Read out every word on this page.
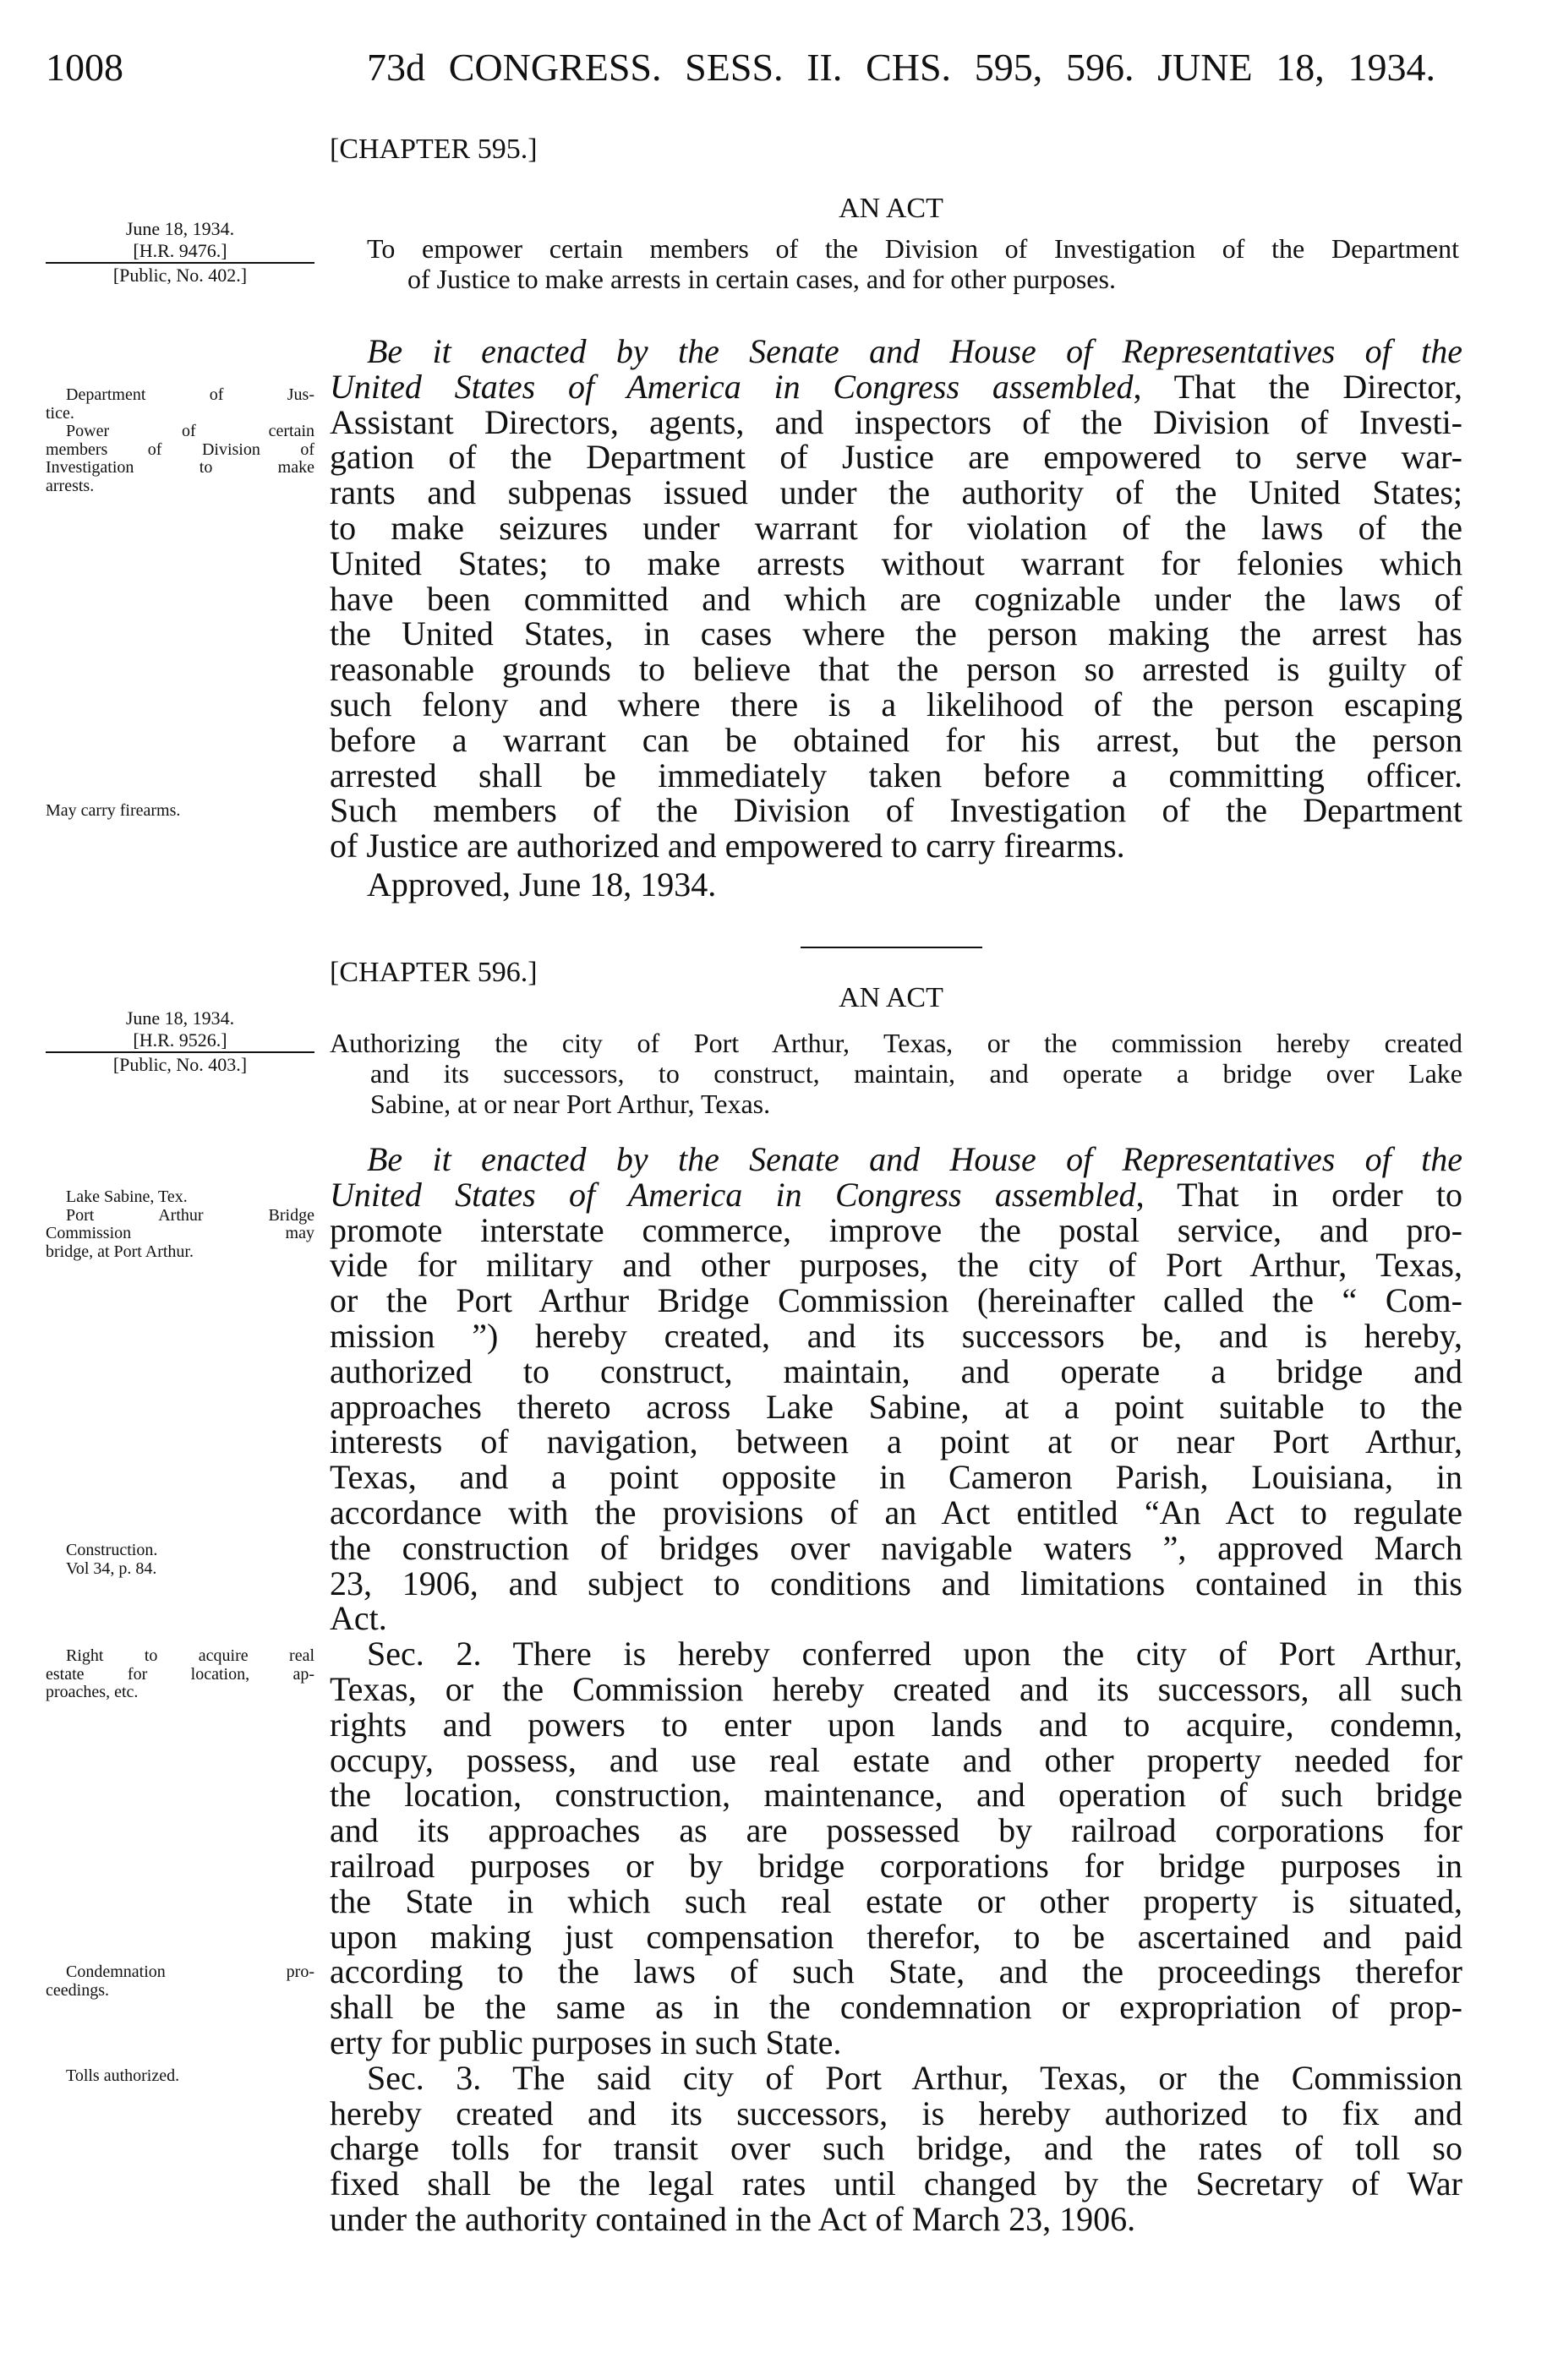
1008	73d CONGRESS. SESS. II. CHS. 595, 596. JUNE 18, 1934.
[CHAPTER 595.]
AN ACT
June 18, 1934.
[H.R. 9476.]
[Public, No. 402.]
To empower certain members of the Division of Investigation of the Department
of Justice to make arrests in certain cases, and for other purposes.
Be it enacted by the Senate and House of Representatives of the
United States of America in Congress assembled, That the Director,
Assistant Directors, agents, and inspectors of the Division of Investi-
gation of the Department of Justice are empowered to serve war-
rants and subpenas issued under the authority of the United States;
to make seizures under warrant for violation of the laws of the
United States; to make arrests without warrant for felonies which
have been committed and which are cognizable under the laws of
the United States, in cases where the person making the arrest has
reasonable grounds to believe that the person so arrested is guilty of
such felony and where there is a likelihood of the person escaping
before a warrant can be obtained for his arrest, but the person
arrested shall be immediately taken before a committing officer.
Such members of the Division of Investigation of the Department
of Justice are authorized and empowered to carry firearms.
Approved, June 18, 1934.
[CHAPTER 596.]
AN ACT
June 18, 1934.
[H.R. 9526.]
[Public, No. 403.]
Authorizing the city of Port Arthur, Texas, or the commission hereby created
and its successors, to construct, maintain, and operate a bridge over Lake
Sabine, at or near Port Arthur, Texas.
Be it enacted by the Senate and House of Representatives of the
United States of America in Congress assembled, That in order to
promote interstate commerce, improve the postal service, and pro-
vide for military and other purposes, the city of Port Arthur, Texas,
or the Port Arthur Bridge Commission (hereinafter called the “ Com-
mission ”) hereby created, and its successors be, and is hereby,
authorized to construct, maintain, and operate a bridge and
approaches thereto across Lake Sabine, at a point suitable to the
interests of navigation, between a point at or near Port Arthur,
Texas, and a point opposite in Cameron Parish, Louisiana, in
accordance with the provisions of an Act entitled “An Act to regulate
the construction of bridges over navigable waters ”, approved March
23, 1906, and subject to conditions and limitations contained in this
Act.
Sec. 2. There is hereby conferred upon the city of Port Arthur,
Texas, or the Commission hereby created and its successors, all such
rights and powers to enter upon lands and to acquire, condemn,
occupy, possess, and use real estate and other property needed for
the location, construction, maintenance, and operation of such bridge
and its approaches as are possessed by railroad corporations for
railroad purposes or by bridge corporations for bridge purposes in
the State in which such real estate or other property is situated,
upon making just compensation therefor, to be ascertained and paid
according to the laws of such State, and the proceedings therefor
shall be the same as in the condemnation or expropriation of prop-
erty for public purposes in such State.
Sec. 3. The said city of Port Arthur, Texas, or the Commission
hereby created and its successors, is hereby authorized to fix and
charge tolls for transit over such bridge, and the rates of toll so
fixed shall be the legal rates until changed by the Secretary of War
under the authority contained in the Act of March 23, 1906.
Department of Jus-
tice.
Power of certain
members of Division of
Investigation to make
arrests.
May carry firearms.
Lake Sabine, Tex.
Port Arthur Bridge
Commission may
bridge, at Port Arthur.
Construction.
Vol 34, p. 84.
Right to acquire real
estate for location, ap-
proaches, etc.
Condemnation pro-
ceedings.
Tolls authorized.
